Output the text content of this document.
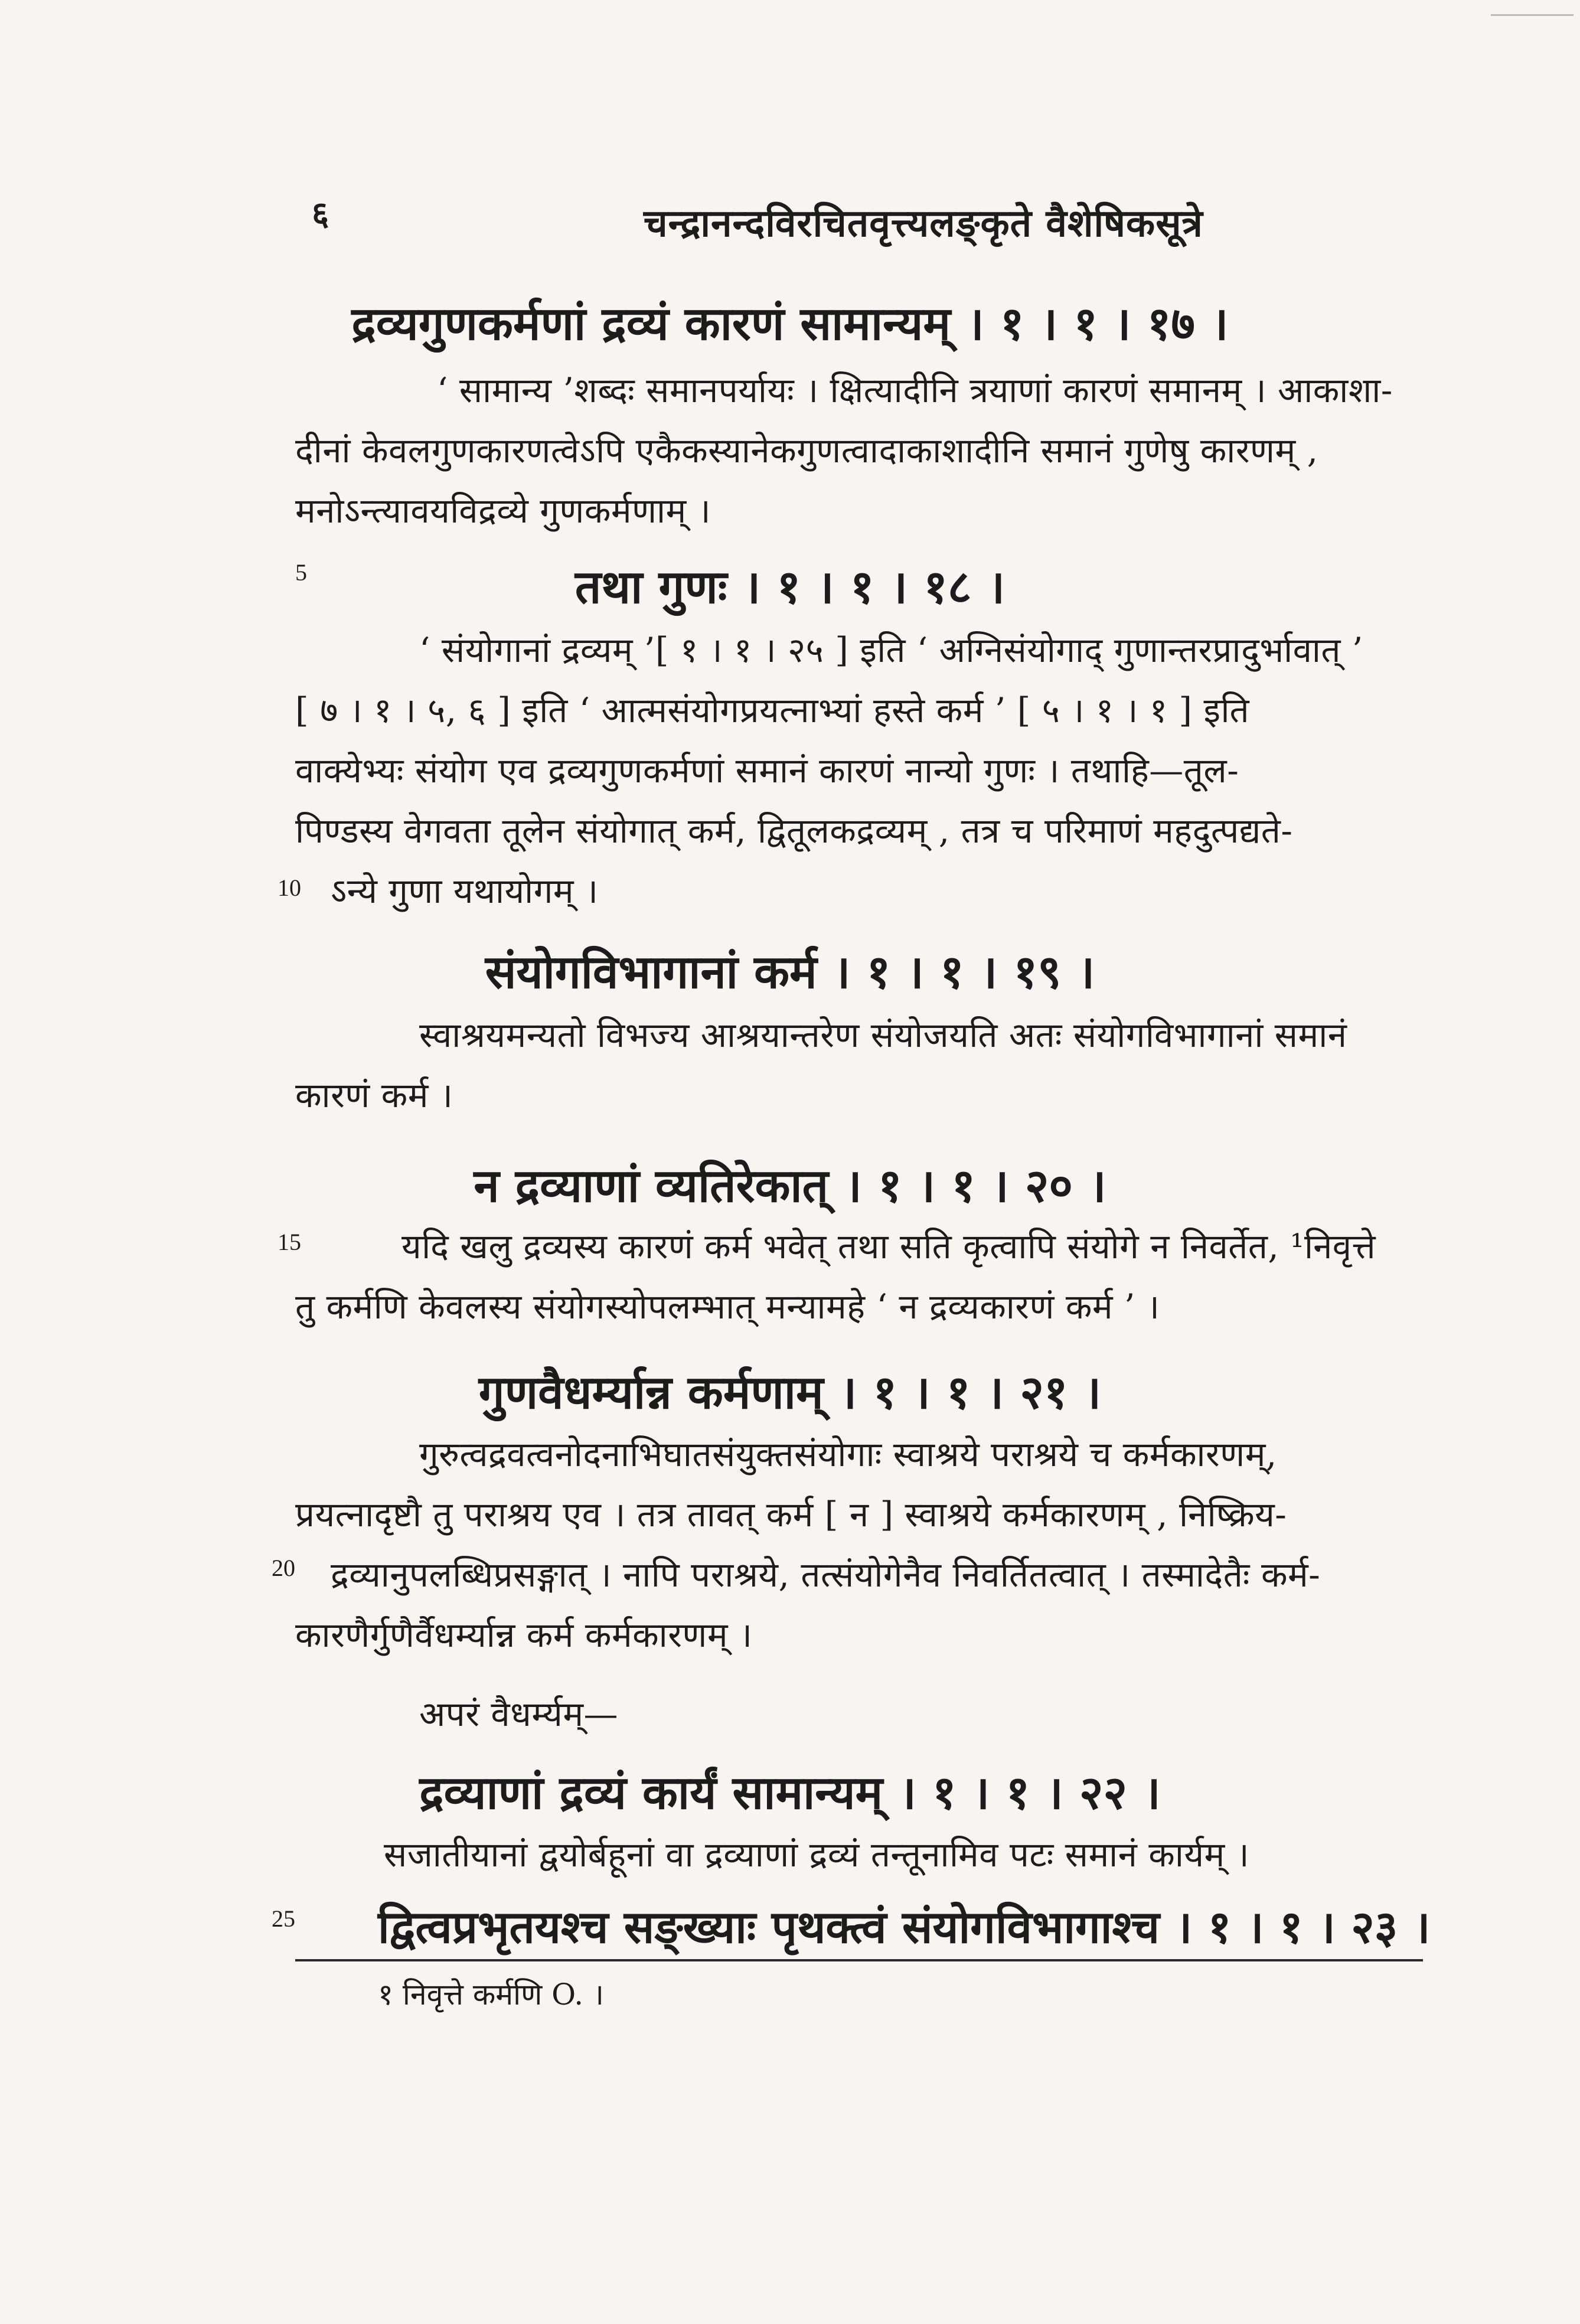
६	चन्द्रानन्दविरचितवृत्त्यलङ्कृते वैशेषिकसूत्रे
द्रव्यगुणकर्मणां द्रव्यं कारणं सामान्यम् । १ । १ । १७ ।
‘ सामान्य ’शब्दः समानपर्यायः । क्षित्यादीनि त्रयाणां कारणं समानम् । आकाशा-
दीनां केवलगुणकारणत्वेऽपि एकैकस्यानेकगुणत्वादाकाशादीनि समानं गुणेषु कारणम् ,
मनोऽन्त्यावयविद्रव्ये गुणकर्मणाम् ।
5	तथा गुणः । १ । १ । १८ ।
‘ संयोगानां द्रव्यम् ’[ १ । १ । २५ ] इति ‘ अग्निसंयोगाद् गुणान्तरप्रादुर्भावात् ’
[ ७ । १ । ५, ६ ] इति ‘ आत्मसंयोगप्रयत्नाभ्यां हस्ते कर्म ’ [ ५ । १ । १ ] इति
वाक्येभ्यः संयोग एव द्रव्यगुणकर्मणां समानं कारणं नान्यो गुणः । तथाहि—तूल-
पिण्डस्य वेगवता तूलेन संयोगात् कर्म, द्वितूलकद्रव्यम् , तत्र च परिमाणं महदुत्पद्यते-
ऽन्ये गुणा यथायोगम् ।
10
संयोगविभागानां कर्म । १ । १ । १९ ।
स्वाश्रयमन्यतो विभज्य आश्रयान्तरेण संयोजयति अतः संयोगविभागानां समानं
कारणं कर्म ।
न द्रव्याणां व्यतिरेकात् । १ । १ । २० ।
15	यदि खलु द्रव्यस्य कारणं कर्म भवेत् तथा सति कृत्वापि संयोगे न निवर्तेत, ¹निवृत्ते
तु कर्मणि केवलस्य संयोगस्योपलम्भात् मन्यामहे ‘ न द्रव्यकारणं कर्म ’ ।
गुणवैधर्म्यान्न कर्मणाम् । १ । १ । २१ ।
गुरुत्वद्रवत्वनोदनाभिघातसंयुक्तसंयोगाः स्वाश्रये पराश्रये च कर्मकारणम्,
प्रयत्नादृष्टौ तु पराश्रय एव । तत्र तावत् कर्म [ न ] स्वाश्रये कर्मकारणम् , निष्क्रिय-
द्रव्यानुपलब्धिप्रसङ्गात् । नापि पराश्रये, तत्संयोगेनैव निवर्तितत्वात् । तस्मादेतैः कर्म-
कारणैर्गुणैर्वैधर्म्यान्न कर्म कर्मकारणम् ।
20
अपरं वैधर्म्यम्—
द्रव्याणां द्रव्यं कार्यं सामान्यम् । १ । १ । २२ ।
सजातीयानां द्वयोर्बहूनां वा द्रव्याणां द्रव्यं तन्तूनामिव पटः समानं कार्यम् ।
25 द्वित्वप्रभृतयश्च सङ्ख्याः पृथक्त्वं संयोगविभागाश्च । १ । १ । २३ ।
१ निवृत्ते कर्मणि O. ।
